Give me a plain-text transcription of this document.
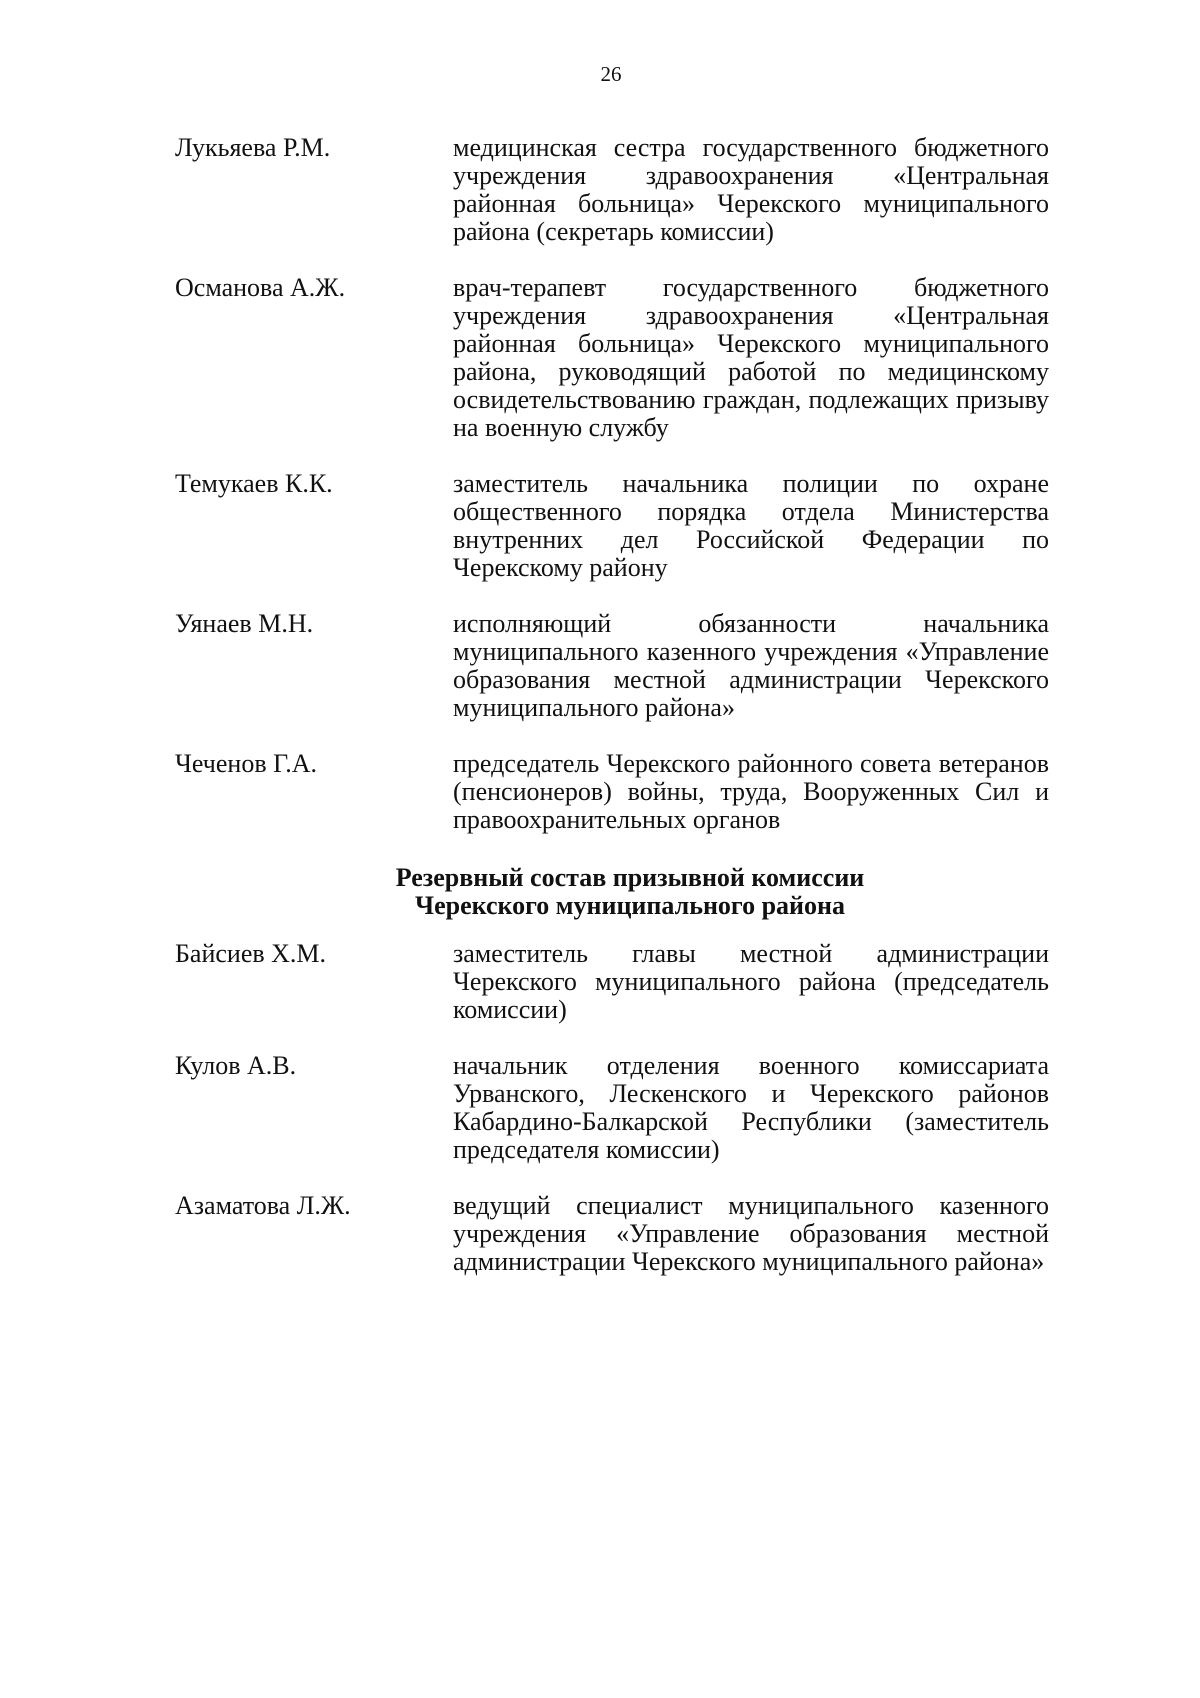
26
Лукьяева Р.М.	медицинская сестра государственного бюджетного учреждения здравоохранения «Центральная районная больница» Черекского муниципального района (секретарь комиссии)
Османова А.Ж.	врач-терапевт государственного бюджетного учреждения здравоохранения «Центральная районная больница» Черекского муниципального района, руководящий работой по медицинскому освидетельствованию граждан, подлежащих призыву на военную службу
Темукаев К.К.	заместитель начальника полиции по охране общественного порядка отдела Министерства внутренних дел Российской Федерации по Черекскому району
Уянаев М.Н.	исполняющий обязанности начальника муниципального казенного учреждения «Управление образования местной администрации Черекского муниципального района»
Чеченов Г.А.	председатель Черекского районного совета ветеранов (пенсионеров) войны, труда, Вооруженных Сил и правоохранительных органов
Резервный состав призывной комиссии
Черекского муниципального района
Байсиев Х.М.	заместитель главы местной администрации Черекского муниципального района (председатель комиссии)
Кулов А.В.	начальник отделения военного комиссариата Урванского, Лескенского и Черекского районов Кабардино-Балкарской Республики (заместитель председателя комиссии)
Азаматова Л.Ж.	ведущий специалист муниципального казенного учреждения «Управление образования местной администрации Черекского муниципального района»
